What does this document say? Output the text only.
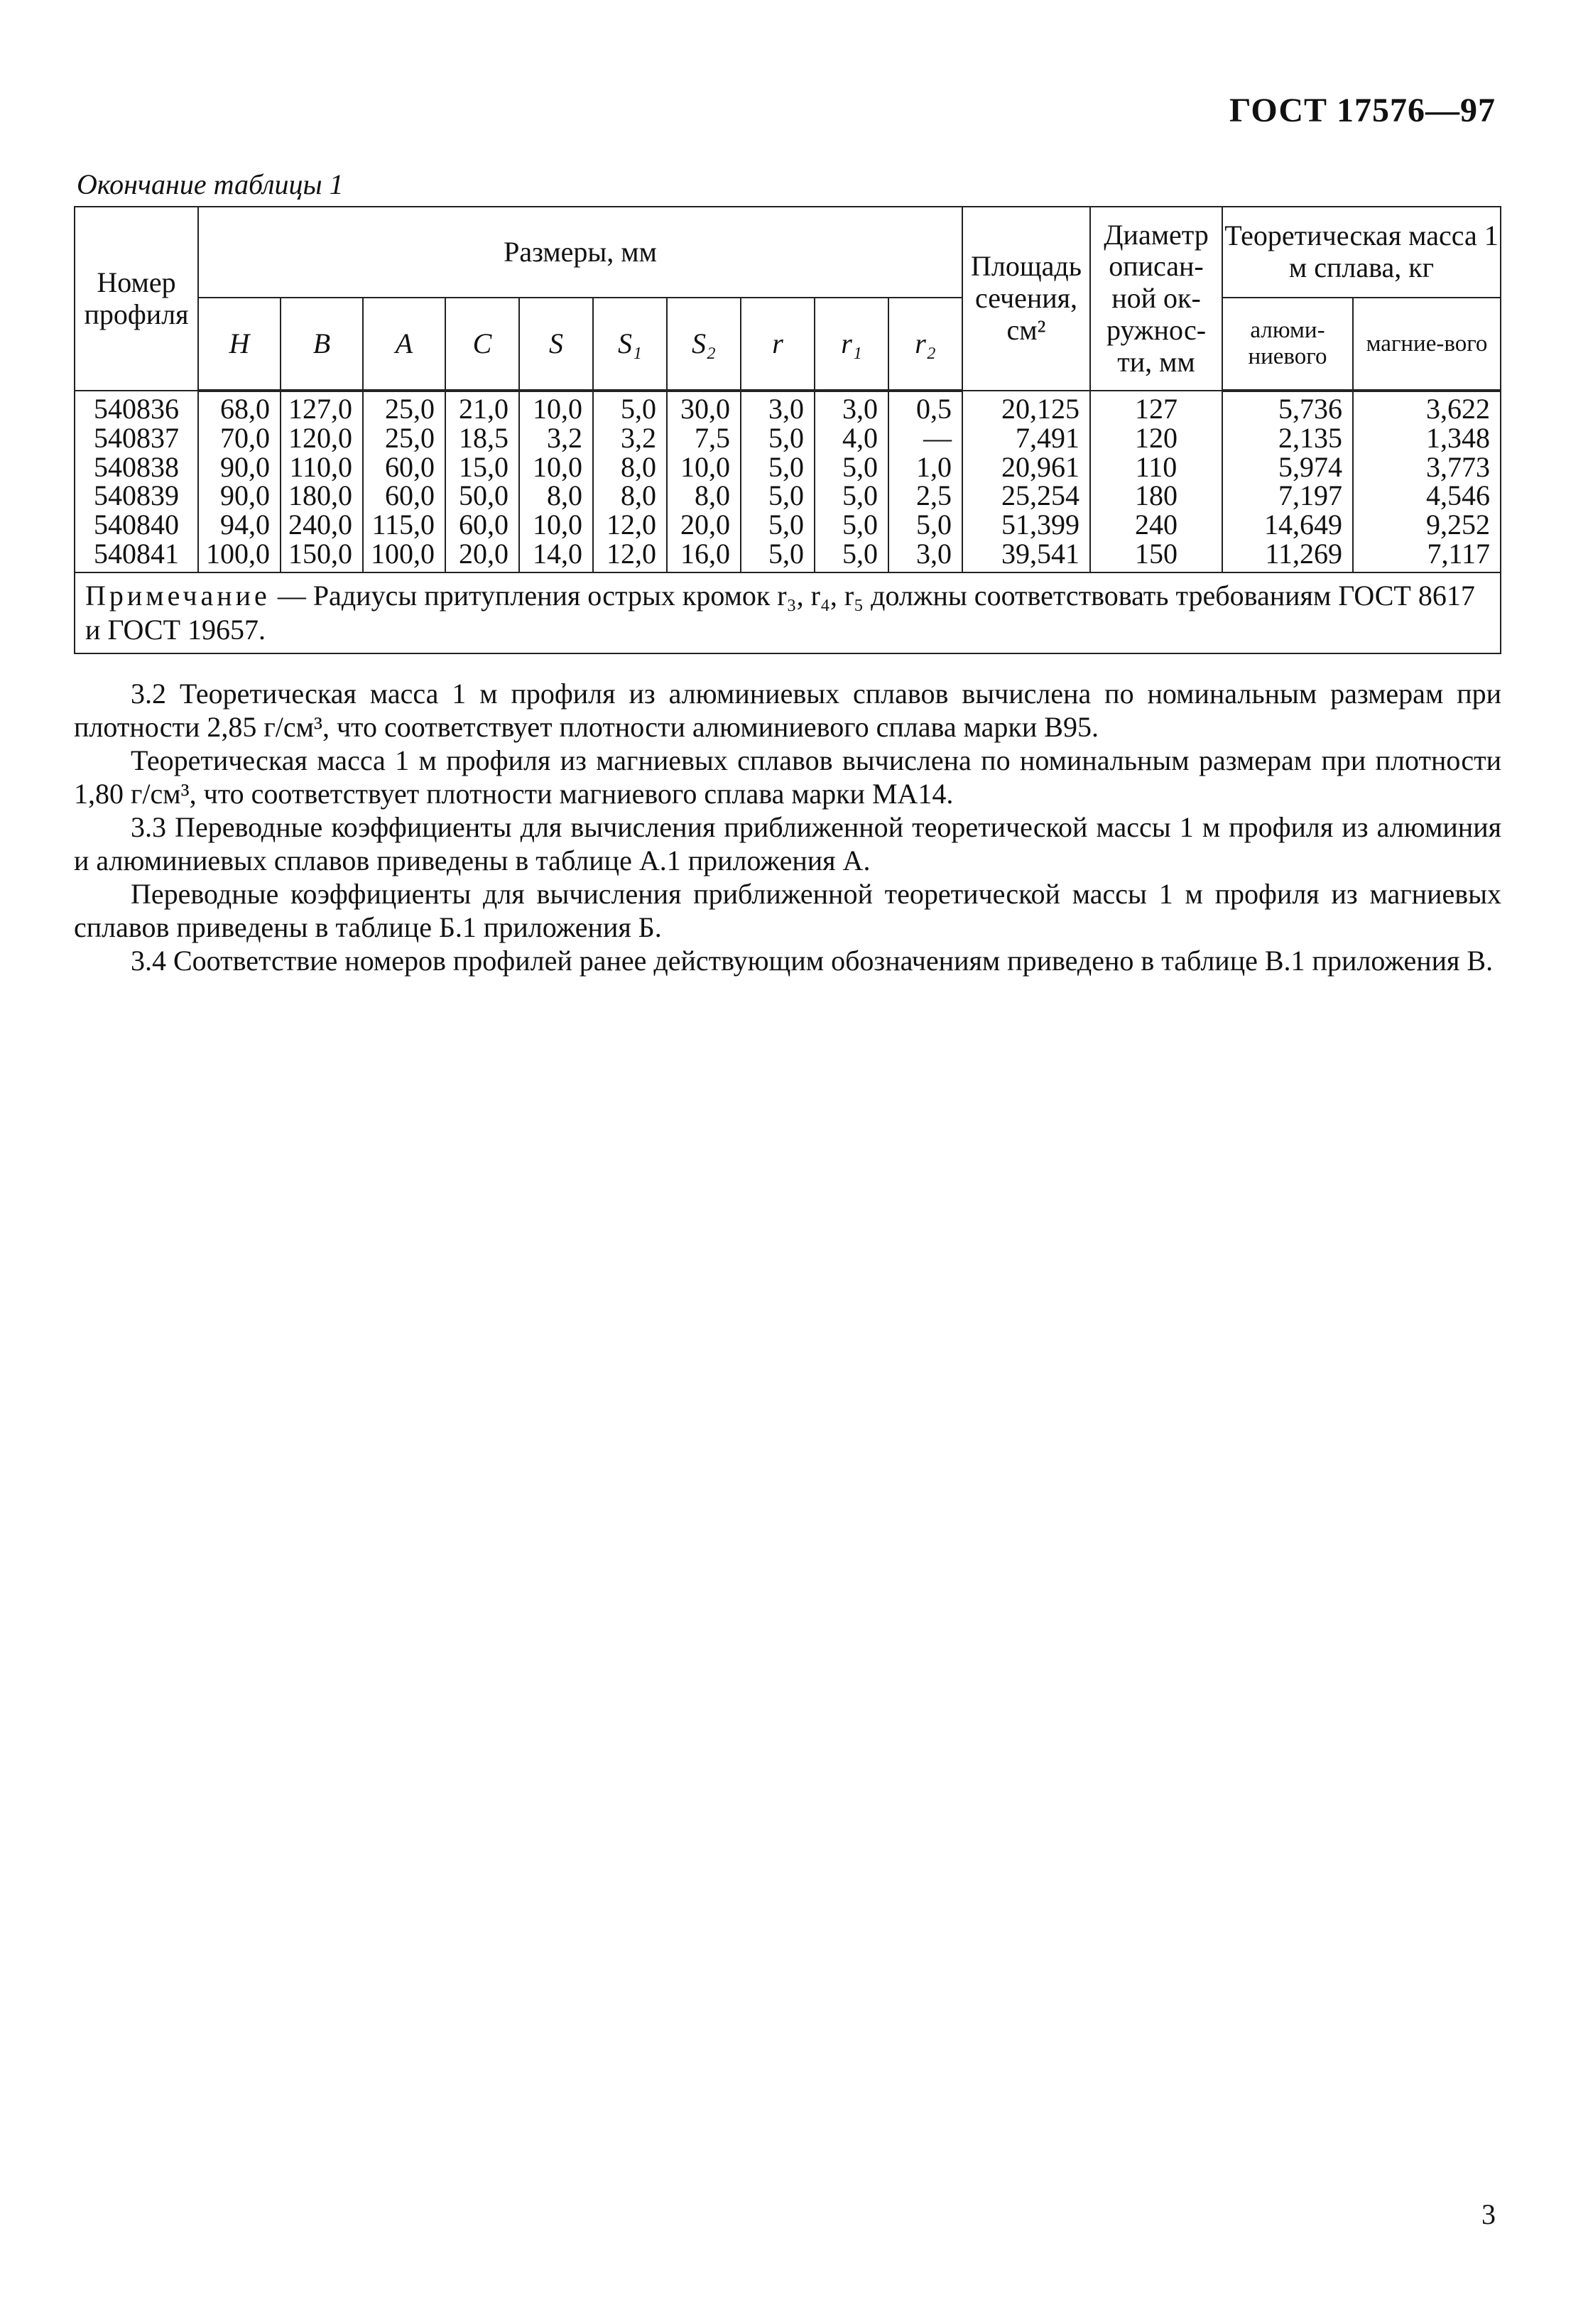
ГОСТ 17576—97
Окончание таблицы 1
Номер профиля	Размеры, мм										Площадь сечения, см²	Диаметр описан-ной ок-ружнос-ти, мм	Теоретическая масса 1 м сплава, кг	
	H	B	A	C	S	S₁	S₂	r	r₁	r₂			алюми-ниевого	магние-вого
540836	68,0	127,0	25,0	21,0	10,0	5,0	30,0	3,0	3,0	0,5	20,125	127	5,736	3,622
540837	70,0	120,0	25,0	18,5	3,2	3,2	7,5	5,0	4,0	—	7,491	120	2,135	1,348
540838	90,0	110,0	60,0	15,0	10,0	8,0	10,0	5,0	5,0	1,0	20,961	110	5,974	3,773
540839	90,0	180,0	60,0	50,0	8,0	8,0	8,0	5,0	5,0	2,5	25,254	180	7,197	4,546
540840	94,0	240,0	115,0	60,0	10,0	12,0	20,0	5,0	5,0	5,0	51,399	240	14,649	9,252
540841	100,0	150,0	100,0	20,0	14,0	12,0	16,0	5,0	5,0	3,0	39,541	150	11,269	7,117
Примечание — Радиусы притупления острых кромок r₃, r₄, r₅ должны соответствовать требованиям ГОСТ 8617 и ГОСТ 19657.														

3.2 Теоретическая масса 1 м профиля из алюминиевых сплавов вычислена по номинальным размерам при плотности 2,85 г/см³, что соответствует плотности алюминиевого сплава марки В95.

Теоретическая масса 1 м профиля из магниевых сплавов вычислена по номинальным размерам при плотности 1,80 г/см³, что соответствует плотности магниевого сплава марки МА14.

3.3 Переводные коэффициенты для вычисления приближенной теоретической массы 1 м профиля из алюминия и алюминиевых сплавов приведены в таблице А.1 приложения А.

Переводные коэффициенты для вычисления приближенной теоретической массы 1 м профиля из магниевых сплавов приведены в таблице Б.1 приложения Б.

3.4 Соответствие номеров профилей ранее действующим обозначениям приведено в таблице В.1 приложения В.

3
